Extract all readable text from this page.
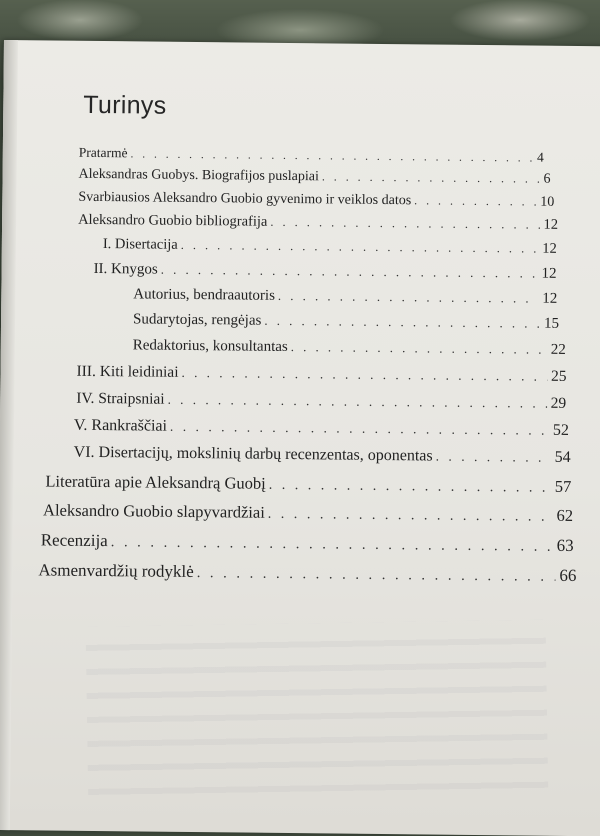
Turinys
Pratarmė . . .	4
Aleksandras Guobys. Biografijos puslapiai . . .	6
Svarbiausios Aleksandro Guobio gyvenimo ir veiklos datos . . .	10
Aleksandro Guobio bibliografija . . .	12
I. Disertacija . . .	12
II. Knygos . . .	12
Autorius, bendraautoris . . .	12
Sudarytojas, rengėjas . . .	15
Redaktorius, konsultantas . . .	22
III. Kiti leidiniai . . .	25
IV. Straipsniai . . .	29
V. Rankraščiai . . .	52
VI. Disertacijų, mokslinių darbų recenzentas, oponentas . . .	54
Literatūra apie Aleksandrą Guobį . . .	57
Aleksandro Guobio slapyvardžiai . . .	62
Recenzija . . .	63
Asmenvardžių rodyklė . . .	66
